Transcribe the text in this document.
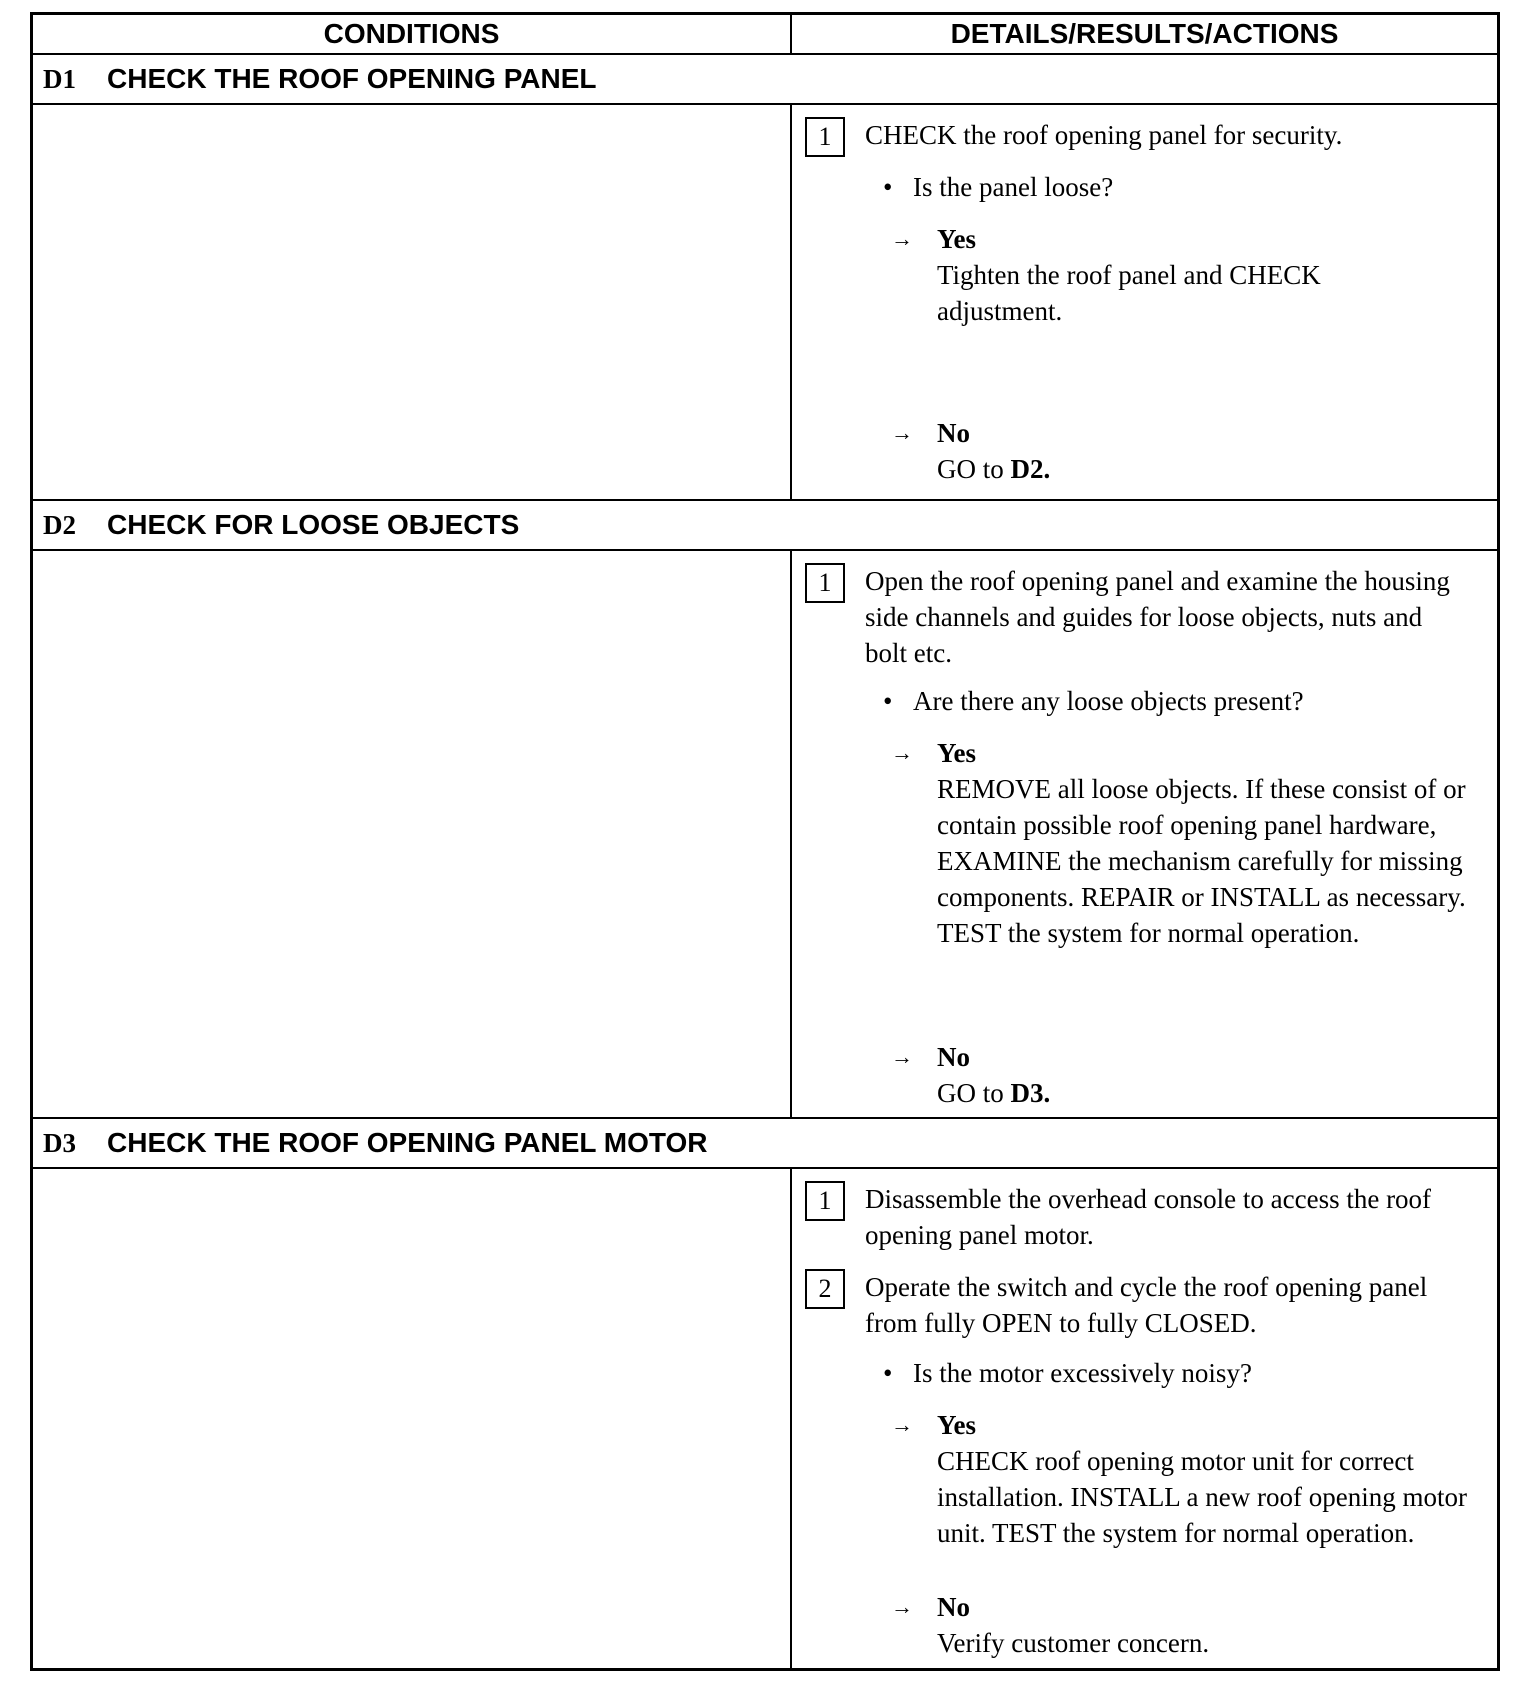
CONDITIONS	DETAILS/RESULTS/ACTIONS
D1	CHECK THE ROOF OPENING PANEL
1	CHECK the roof opening panel for security.
• Is the panel loose?
→ Yes
Tighten the roof panel and CHECK adjustment.
→ No
GO to D2.
D2	CHECK FOR LOOSE OBJECTS
1	Open the roof opening panel and examine the housing side channels and guides for loose objects, nuts and bolt etc.
• Are there any loose objects present?
→ Yes
REMOVE all loose objects. If these consist of or contain possible roof opening panel hardware, EXAMINE the mechanism carefully for missing components. REPAIR or INSTALL as necessary. TEST the system for normal operation.
→ No
GO to D3.
D3	CHECK THE ROOF OPENING PANEL MOTOR
1	Disassemble the overhead console to access the roof opening panel motor.
2	Operate the switch and cycle the roof opening panel from fully OPEN to fully CLOSED.
• Is the motor excessively noisy?
→ Yes
CHECK roof opening motor unit for correct installation. INSTALL a new roof opening motor unit. TEST the system for normal operation.
→ No
Verify customer concern.
